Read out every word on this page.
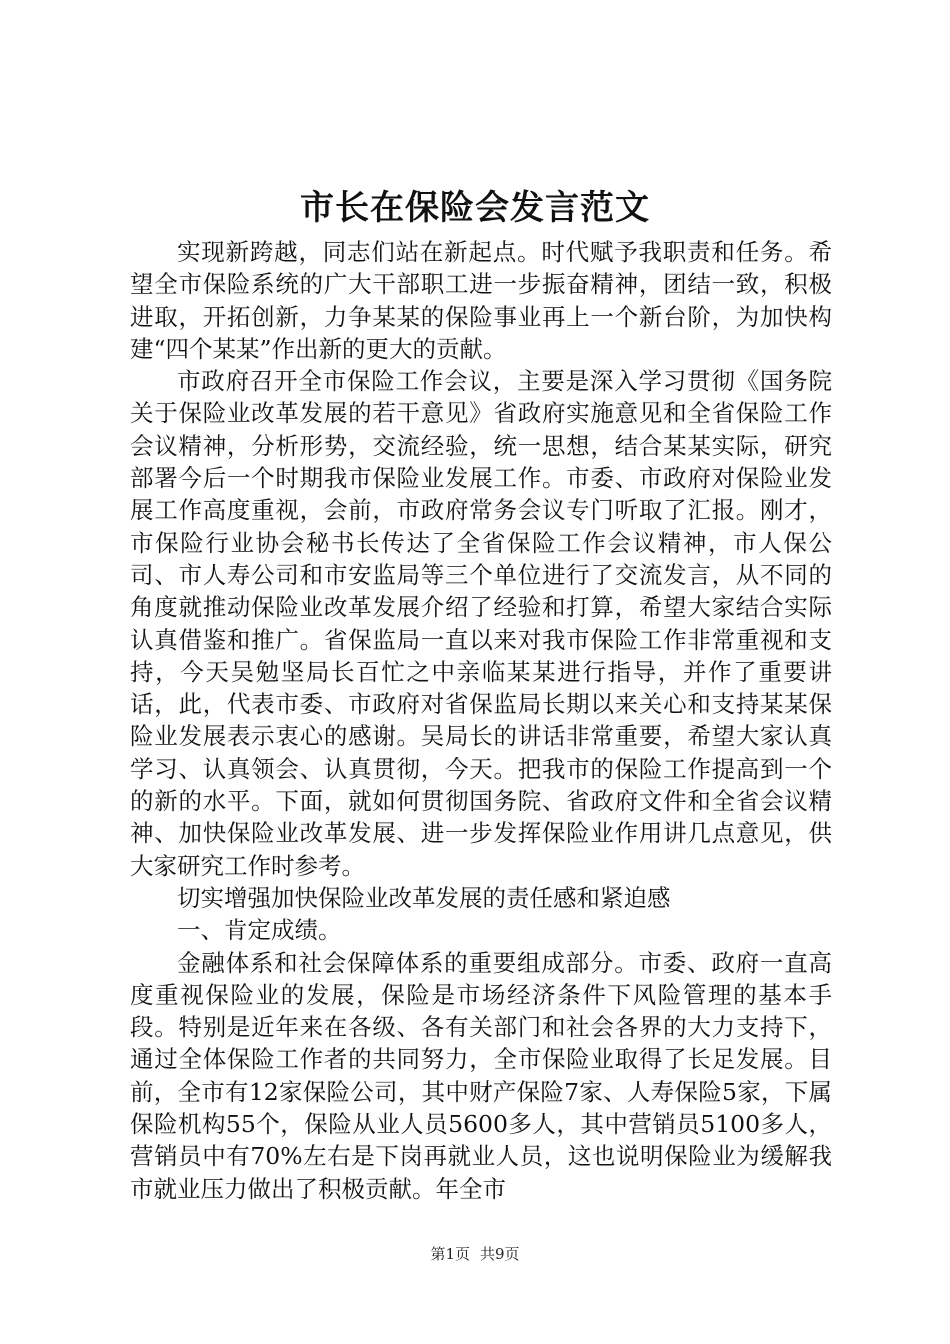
市长在保险会发言范文

实现新跨越，同志们站在新起点。时代赋予我职责和任务。希望全市保险系统的广大干部职工进一步振奋精神，团结一致，积极进取，开拓创新，力争某某的保险事业再上一个新台阶，为加快构建“四个某某”作出新的更大的贡献。

市政府召开全市保险工作会议，主要是深入学习贯彻《国务院关于保险业改革发展的若干意见》省政府实施意见和全省保险工作会议精神，分析形势，交流经验，统一思想，结合某某实际，研究部署今后一个时期我市保险业发展工作。市委、市政府对保险业发展工作高度重视，会前，市政府常务会议专门听取了汇报。刚才，市保险行业协会秘书长传达了全省保险工作会议精神，市人保公司、市人寿公司和市安监局等三个单位进行了交流发言，从不同的角度就推动保险业改革发展介绍了经验和打算，希望大家结合实际认真借鉴和推广。省保监局一直以来对我市保险工作非常重视和支持，今天吴勉坚局长百忙之中亲临某某进行指导，并作了重要讲话，此，代表市委、市政府对省保监局长期以来关心和支持某某保险业发展表示衷心的感谢。吴局长的讲话非常重要，希望大家认真学习、认真领会、认真贯彻，今天。把我市的保险工作提高到一个的新的水平。下面，就如何贯彻国务院、省政府文件和全省会议精神、加快保险业改革发展、进一步发挥保险业作用讲几点意见，供大家研究工作时参考。

切实增强加快保险业改革发展的责任感和紧迫感

一、肯定成绩。

金融体系和社会保障体系的重要组成部分。市委、政府一直高度重视保险业的发展，保险是市场经济条件下风险管理的基本手段。特别是近年来在各级、各有关部门和社会各界的大力支持下，通过全体保险工作者的共同努力，全市保险业取得了长足发展。目前，全市有12家保险公司，其中财产保险7家、人寿保险5家，下属保险机构55个，保险从业人员5600多人，其中营销员5100多人，营销员中有70%左右是下岗再就业人员，这也说明保险业为缓解我市就业压力做出了积极贡献。年全市

第1页 共9页
